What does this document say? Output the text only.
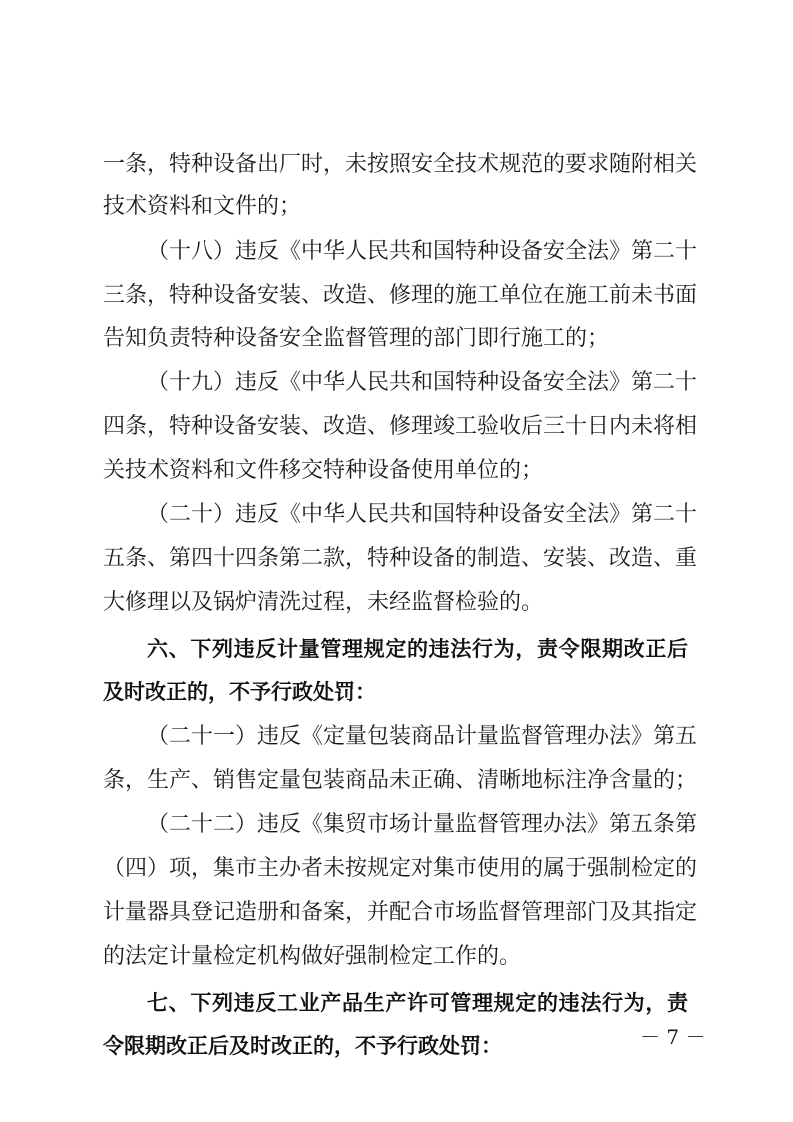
一条，特种设备出厂时，未按照安全技术规范的要求随附相关
技术资料和文件的；
（十八）违反《中华人民共和国特种设备安全法》第二十
三条，特种设备安装、改造、修理的施工单位在施工前未书面
告知负责特种设备安全监督管理的部门即行施工的；
（十九）违反《中华人民共和国特种设备安全法》第二十
四条，特种设备安装、改造、修理竣工验收后三十日内未将相
关技术资料和文件移交特种设备使用单位的；
（二十）违反《中华人民共和国特种设备安全法》第二十
五条、第四十四条第二款，特种设备的制造、安装、改造、重
大修理以及锅炉清洗过程，未经监督检验的。
六、下列违反计量管理规定的违法行为，责令限期改正后
及时改正的，不予行政处罚：
（二十一）违反《定量包装商品计量监督管理办法》第五
条，生产、销售定量包装商品未正确、清晰地标注净含量的；
（二十二）违反《集贸市场计量监督管理办法》第五条第
（四）项，集市主办者未按规定对集市使用的属于强制检定的
计量器具登记造册和备案，并配合市场监督管理部门及其指定
的法定计量检定机构做好强制检定工作的。
七、下列违反工业产品生产许可管理规定的违法行为，责
令限期改正后及时改正的，不予行政处罚：	－ 7 －
